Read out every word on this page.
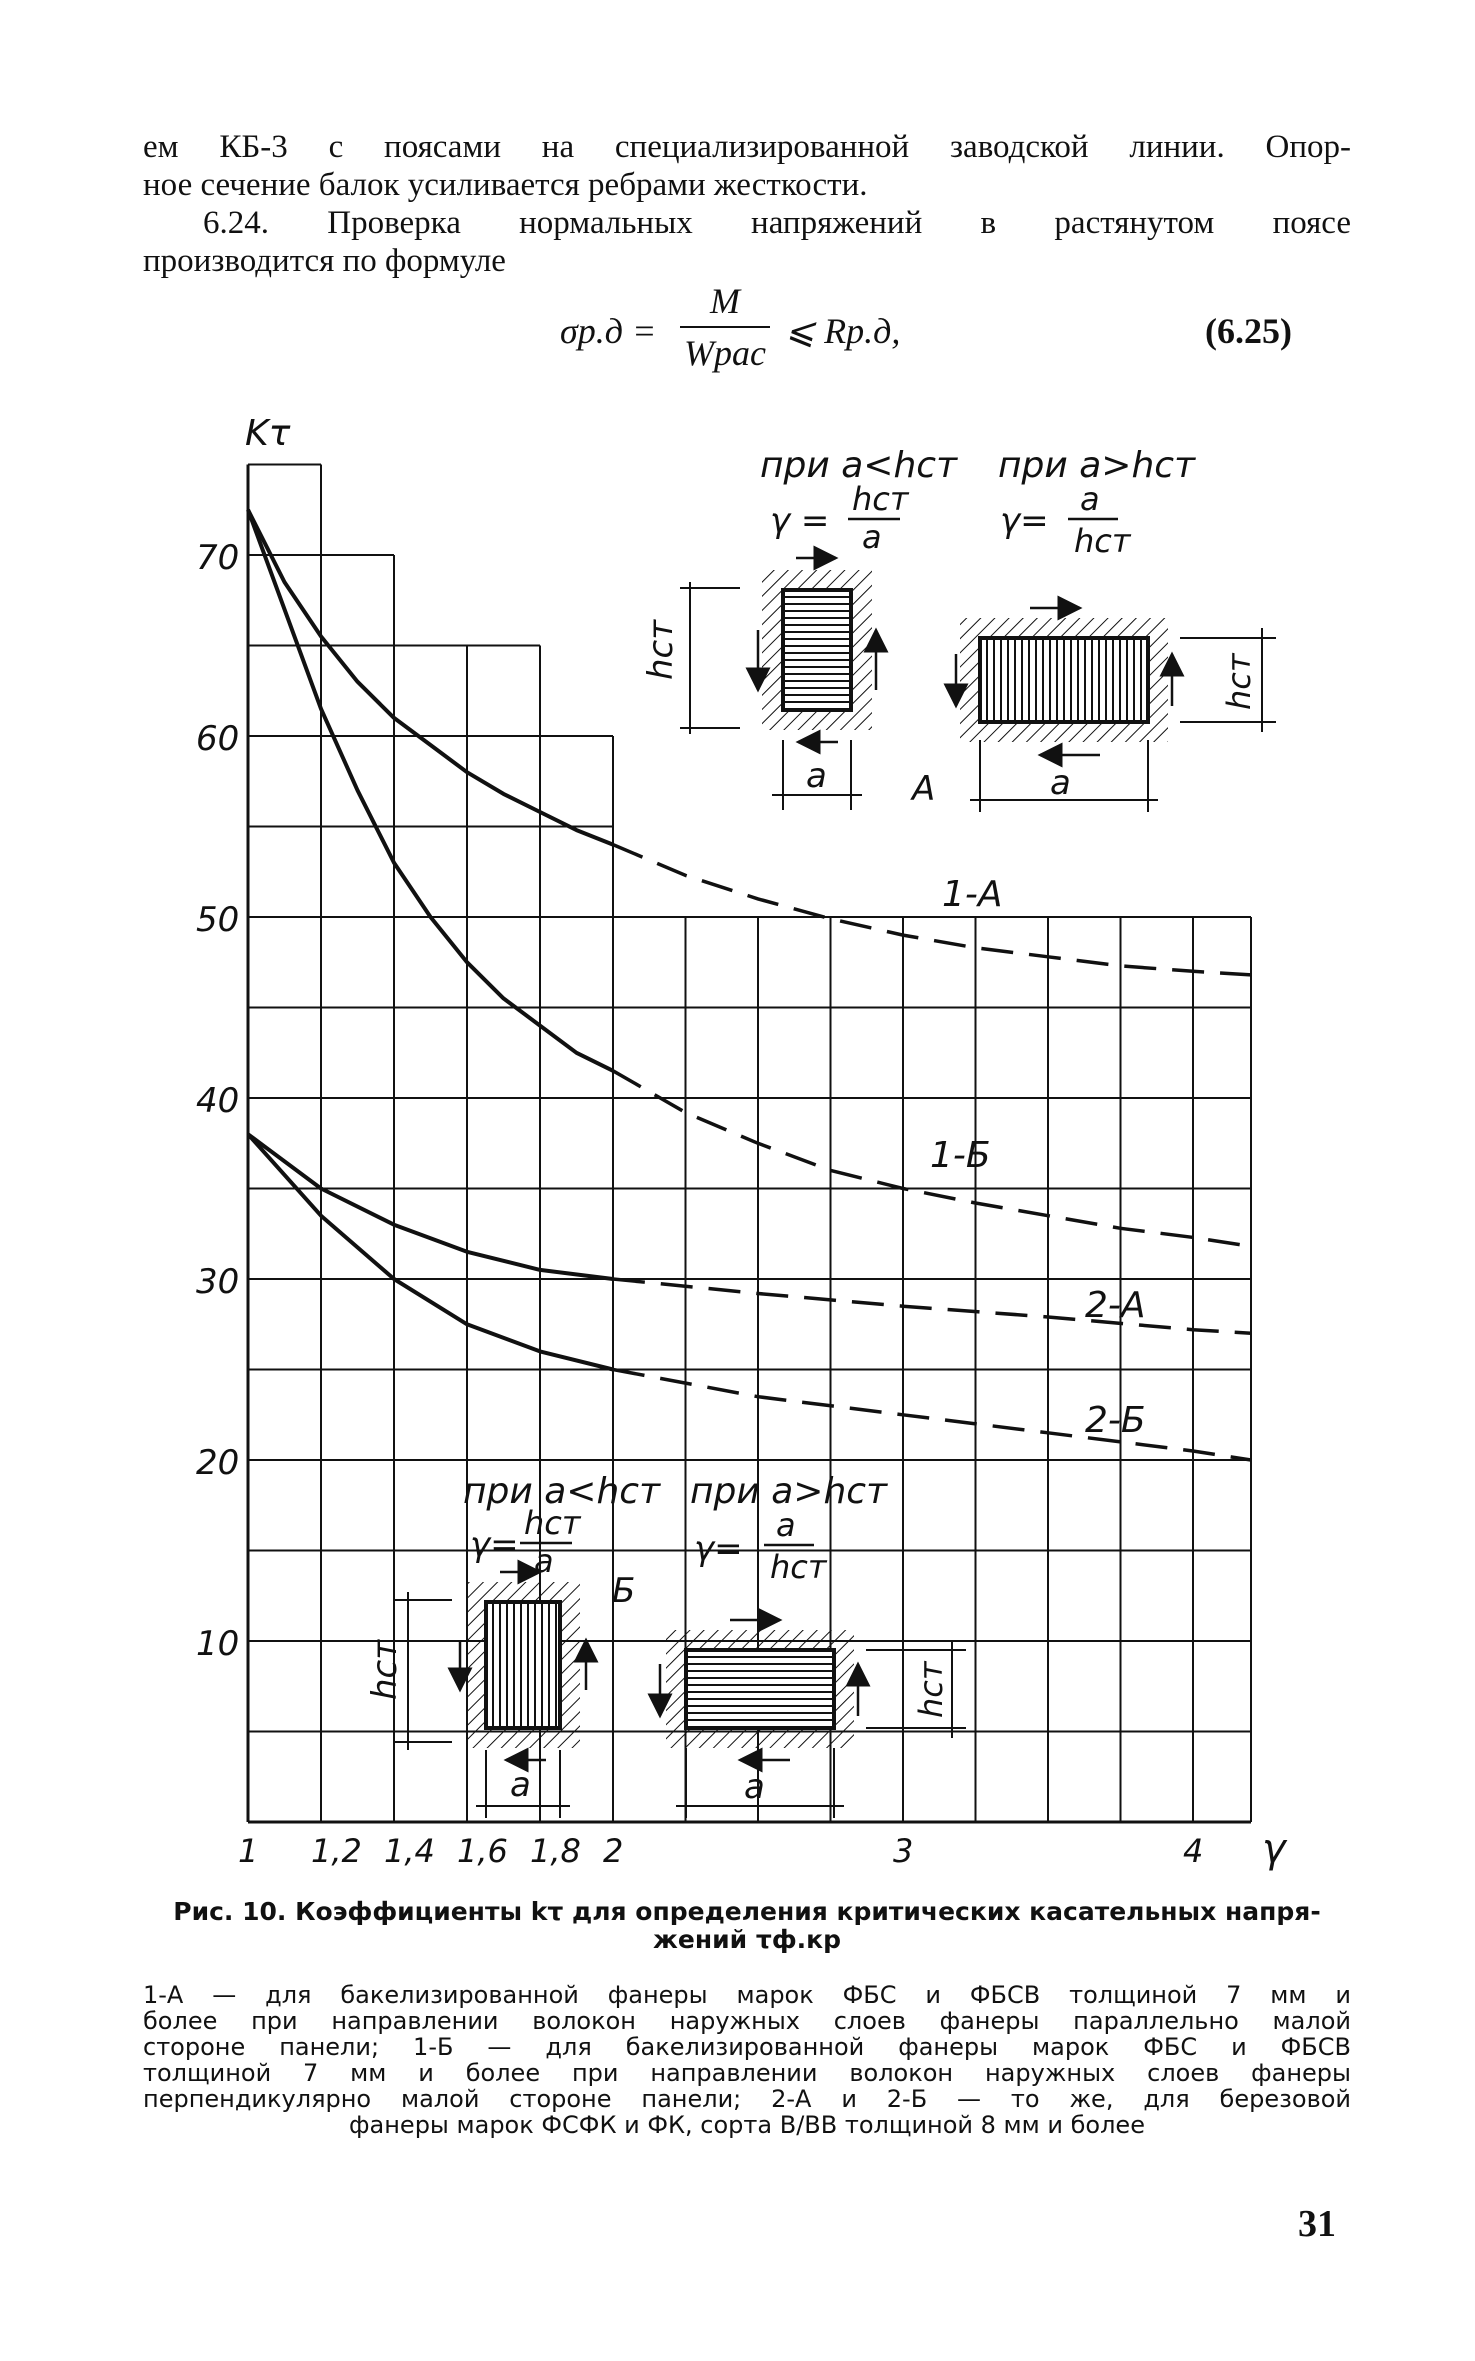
ем КБ-3 с поясами на специализированной заводской линии. Опор-
ное сечение балок усиливается ребрами жесткости.
6.24. Проверка нормальных напряжений в растянутом поясе
производится по формуле
σр.д =
M
Wрас
⩽ Rр.д,	(6.25)
10
20
30
40
50
60
70
1 1,2 1,4 1,6 1,8 2	3	4
Kτ
γ
1-А
1-Б
2-А
2-Б
при a<hст
γ =
hст
a
hст
a	А
при a>hст
γ=
a
hст
hст
a
при a<hст
γ=
hст
a
Б
hст
a
при a>hст
γ=
a
hст
hст
a
Рис. 10. Коэффициенты kτ для определения критических касательных напря-
жений τф.кр
1-А — для бакелизированной фанеры марок ФБС и ФБСВ толщиной 7 мм и
более при направлении волокон наружных слоев фанеры параллельно малой
стороне панели; 1-Б — для бакелизированной фанеры марок ФБС и ФБСВ
толщиной 7 мм и более при направлении волокон наружных слоев фанеры
перпендикулярно малой стороне панели; 2-А и 2-Б — то же, для березовой
фанеры марок ФСФК и ФК, сорта В/ВВ толщиной 8 мм и более
31
